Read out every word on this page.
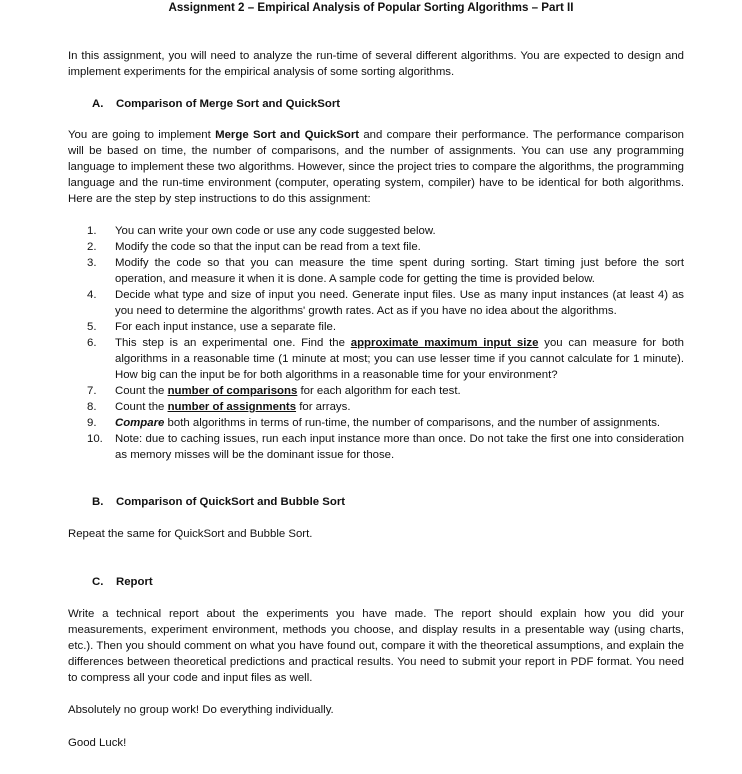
Assignment 2 – Empirical Analysis of Popular Sorting Algorithms – Part II
In this assignment, you will need to analyze the run-time of several different algorithms. You are expected to design and implement experiments for the empirical analysis of some sorting algorithms.
A. Comparison of Merge Sort and QuickSort
You are going to implement Merge Sort and QuickSort and compare their performance. The performance comparison will be based on time, the number of comparisons, and the number of assignments. You can use any programming language to implement these two algorithms. However, since the project tries to compare the algorithms, the programming language and the run-time environment (computer, operating system, compiler) have to be identical for both algorithms. Here are the step by step instructions to do this assignment:
1.	You can write your own code or use any code suggested below.
2.	Modify the code so that the input can be read from a text file.
3.	Modify the code so that you can measure the time spent during sorting. Start timing just before the sort operation, and measure it when it is done. A sample code for getting the time is provided below.
4.	Decide what type and size of input you need. Generate input files. Use as many input instances (at least 4) as you need to determine the algorithms' growth rates. Act as if you have no idea about the algorithms.
5.	For each input instance, use a separate file.
6.	This step is an experimental one. Find the approximate maximum input size you can measure for both algorithms in a reasonable time (1 minute at most; you can use lesser time if you cannot calculate for 1 minute). How big can the input be for both algorithms in a reasonable time for your environment?
7.	Count the number of comparisons for each algorithm for each test.
8.	Count the number of assignments for arrays.
9.	Compare both algorithms in terms of run-time, the number of comparisons, and the number of assignments.
10.	Note: due to caching issues, run each input instance more than once. Do not take the first one into consideration as memory misses will be the dominant issue for those.
B. Comparison of QuickSort and Bubble Sort
Repeat the same for QuickSort and Bubble Sort.
C. Report
Write a technical report about the experiments you have made. The report should explain how you did your measurements, experiment environment, methods you choose, and display results in a presentable way (using charts, etc.). Then you should comment on what you have found out, compare it with the theoretical assumptions, and explain the differences between theoretical predictions and practical results. You need to submit your report in PDF format. You need to compress all your code and input files as well.
Absolutely no group work! Do everything individually.
Good Luck!
